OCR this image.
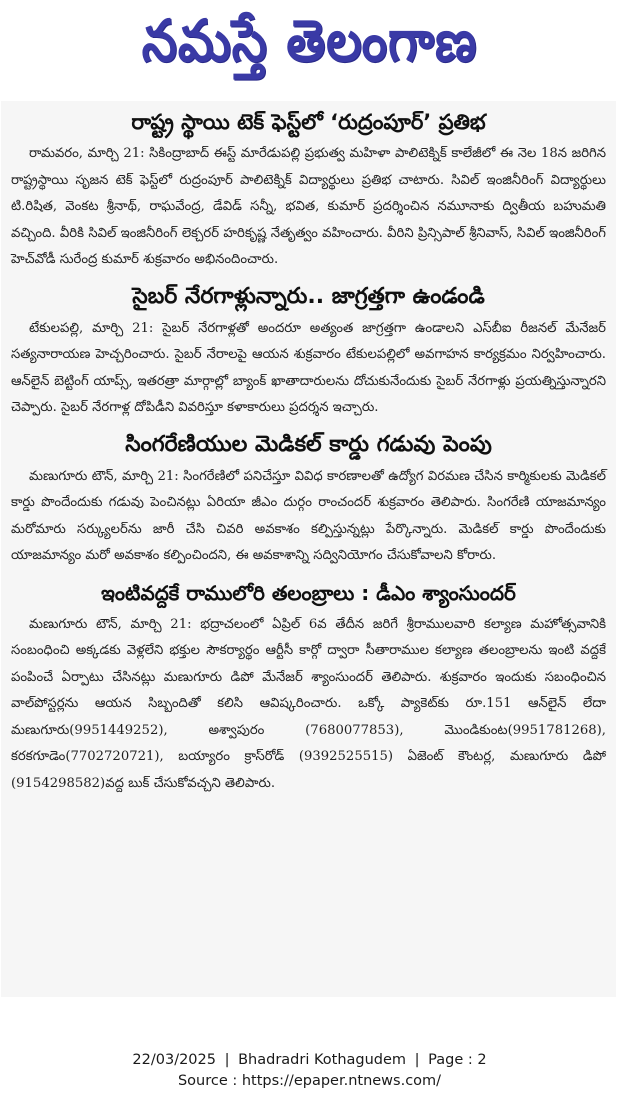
నమస్తే తెలంగాణ
రాష్ట్ర స్థాయి టెక్ ఫెస్ట్‌లో ‘రుద్రంపూర్’ ప్రతిభ

రామవరం, మార్చి 21: సికింద్రాబాద్ ఈస్ట్ మారేడుపల్లి ప్రభుత్వ మహిళా పాలిటెక్నిక్ కాలేజీలో ఈ నెల 18న జరిగిన రాష్ట్రస్థాయి సృజన టెక్ ఫెస్ట్‌లో రుద్రంపూర్ పాలిటెక్నిక్ విద్యార్థులు ప్రతిభ చాటారు. సివిల్ ఇంజినీరింగ్ విద్యార్థులు టి.రిషిత, వెంకట శ్రీనాథ్, రాఘవేంద్ర, డేవిడ్ సన్నీ, భవిత, కుమార్ ప్రదర్శించిన నమూనాకు ద్వితీయ బహుమతి వచ్చింది. వీరికి సివిల్ ఇంజినీరింగ్ లెక్చరర్ హరికృష్ణ నేతృత్వం వహించారు. వీరిని ప్రిన్సిపాల్ శ్రీనివాస్, సివిల్ ఇంజినీరింగ్ హెచ్‌వోడీ సురేంద్ర కుమార్ శుక్రవారం అభినందించారు.

సైబర్ నేరగాళ్లున్నారు.. జాగ్రత్తగా ఉండండి

టేకులపల్లి, మార్చి 21: సైబర్ నేరగాళ్లతో అందరూ అత్యంత జాగ్రత్తగా ఉండాలని ఎస్‌బీఐ రీజనల్ మేనేజర్ సత్యనారాయణ హెచ్చరించారు. సైబర్ నేరాలపై ఆయన శుక్రవారం టేకులపల్లిలో అవగాహన కార్యక్రమం నిర్వహించారు. ఆన్‌లైన్ బెట్టింగ్ యాప్స్, ఇతరత్రా మార్గాల్లో బ్యాంక్ ఖాతాదారులను దోచుకునేందుకు సైబర్ నేరగాళ్లు ప్రయత్నిస్తున్నారని చెప్పారు. సైబర్ నేరగాళ్ల దోపిడీని వివరిస్తూ కళాకారులు ప్రదర్శన ఇచ్చారు.

సింగరేణియుల మెడికల్ కార్డు గడువు పెంపు

మణుగూరు టౌన్, మార్చి 21: సింగరేణిలో పనిచేస్తూ వివిధ కారణాలతో ఉద్యోగ విరమణ చేసిన కార్మికులకు మెడికల్ కార్డు పొందేందుకు గడువు పెంచినట్లు ఏరియా జీఎం దుర్గం రాంచందర్ శుక్రవారం తెలిపారు. సింగరేణి యాజమాన్యం మరోమారు సర్క్యులర్‌ను జారీ చేసి చివరి అవకాశం కల్పిస్తున్నట్లు పేర్కొన్నారు. మెడికల్ కార్డు పొందేందుకు యాజమాన్యం మరో అవకాశం కల్పించిందని, ఈ అవకాశాన్ని సద్వినియోగం చేసుకోవాలని కోరారు.

ఇంటివద్దకే రాములోరి తలంబ్రాలు : డీఎం శ్యాంసుందర్

మణుగూరు టౌన్, మార్చి 21: భద్రాచలంలో ఏప్రిల్ 6వ తేదీన జరిగే శ్రీరాములవారి కల్యాణ మహోత్సవానికి సంబంధించి అక్కడకు వెళ్లలేని భక్తుల సౌకర్యార్థం ఆర్టీసీ కార్గో ద్వారా సీతారాముల కల్యాణ తలంబ్రాలను ఇంటి వద్దకే పంపించే ఏర్పాటు చేసినట్లు మణుగూరు డిపో మేనేజర్ శ్యాంసుందర్ తెలిపారు. శుక్రవారం ఇందుకు సబంధించిన వాల్‌పోస్టర్లను ఆయన సిబ్బందితో కలిసి ఆవిష్కరించారు. ఒక్కో ప్యాకెట్‌కు రూ.151 ఆన్‌లైన్ లేదా మణుగూరు(9951449252), అశ్వాపురం (7680077853), మొండికుంట(9951781268), కరకగూడెం(7702720721), బయ్యారం క్రాస్‌రోడ్ (9392525515) ఏజెంట్ కౌంటర్ల, మణుగూరు డిపో (9154298582)వద్ద బుక్ చేసుకోవచ్చని తెలిపారు.

22/03/2025 | Bhadradri Kothagudem | Page : 2
Source : https://epaper.ntnews.com/
